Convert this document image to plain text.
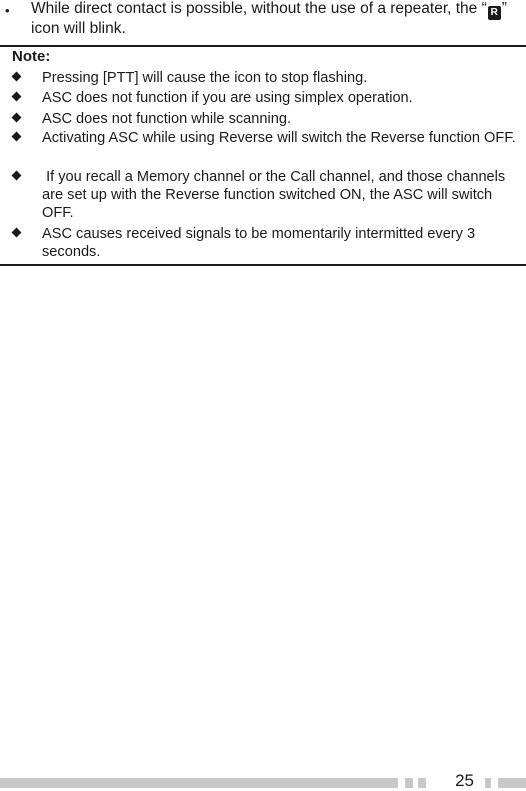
• While direct contact is possible, without the use of a repeater, the “ R ” icon will blink.
Note:
Pressing [PTT] will cause the icon to stop flashing.
ASC does not function if you are using simplex operation.
ASC does not function while scanning.
Activating ASC while using Reverse will switch the Reverse function OFF.
If you recall a Memory channel or the Call channel, and those channels are set up with the Reverse function switched ON, the ASC will switch OFF.
ASC causes received signals to be momentarily intermitted every 3 seconds.
25
